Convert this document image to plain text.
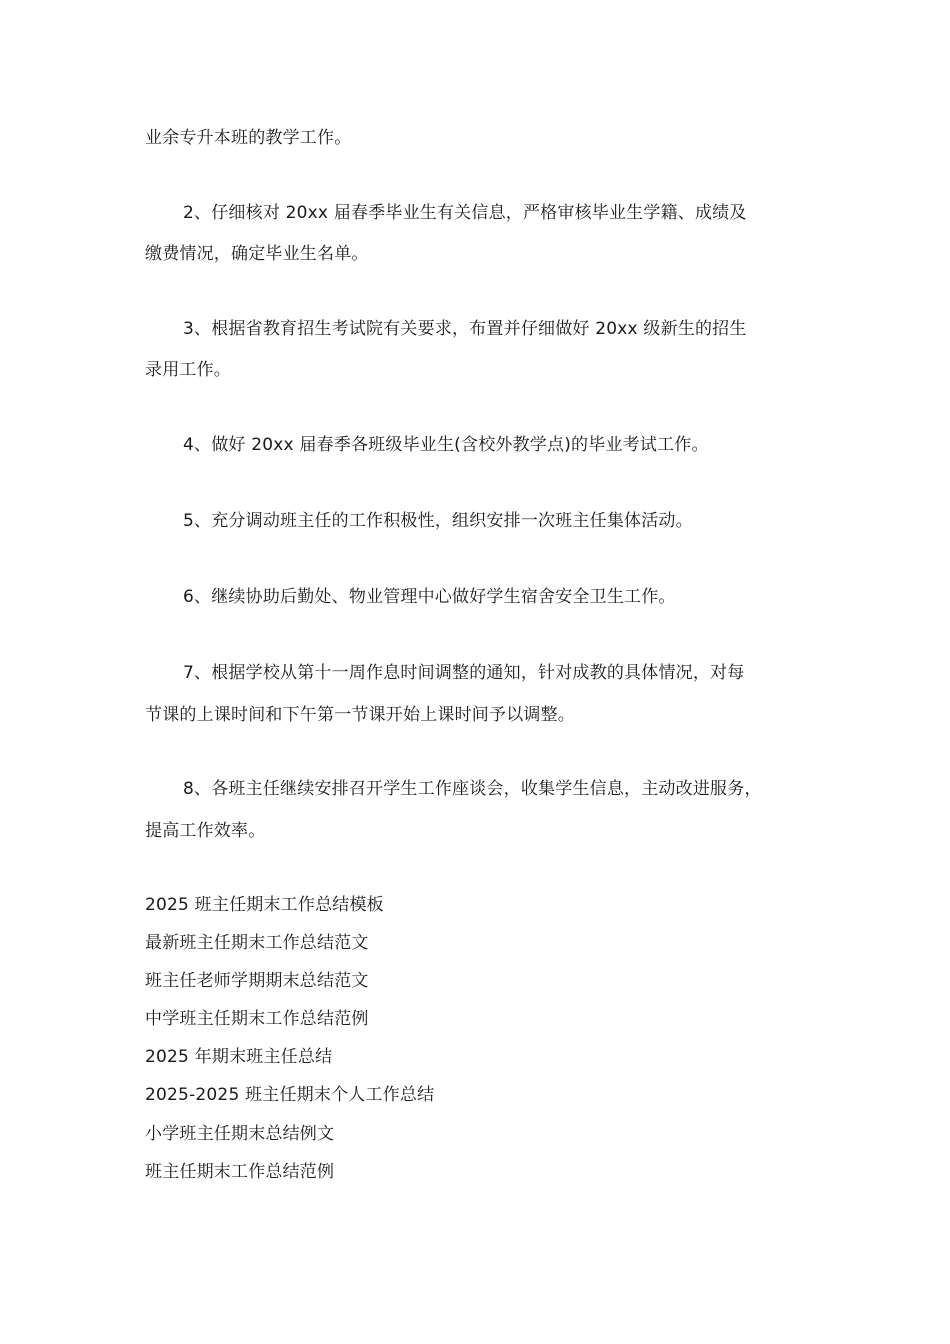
业余专升本班的教学工作。
2、仔细核对 20xx 届春季毕业生有关信息，严格审核毕业生学籍、成绩及
缴费情况，确定毕业生名单。
3、根据省教育招生考试院有关要求，布置并仔细做好 20xx 级新生的招生
录用工作。
4、做好 20xx 届春季各班级毕业生(含校外教学点)的毕业考试工作。
5、充分调动班主任的工作积极性，组织安排一次班主任集体活动。
6、继续协助后勤处、物业管理中心做好学生宿舍安全卫生工作。
7、根据学校从第十一周作息时间调整的通知，针对成教的具体情况，对每
节课的上课时间和下午第一节课开始上课时间予以调整。
8、各班主任继续安排召开学生工作座谈会，收集学生信息，主动改进服务，
提高工作效率。
2025 班主任期末工作总结模板
最新班主任期末工作总结范文
班主任老师学期期末总结范文
中学班主任期末工作总结范例
2025 年期末班主任总结
2025-2025 班主任期末个人工作总结
小学班主任期末总结例文
班主任期末工作总结范例
